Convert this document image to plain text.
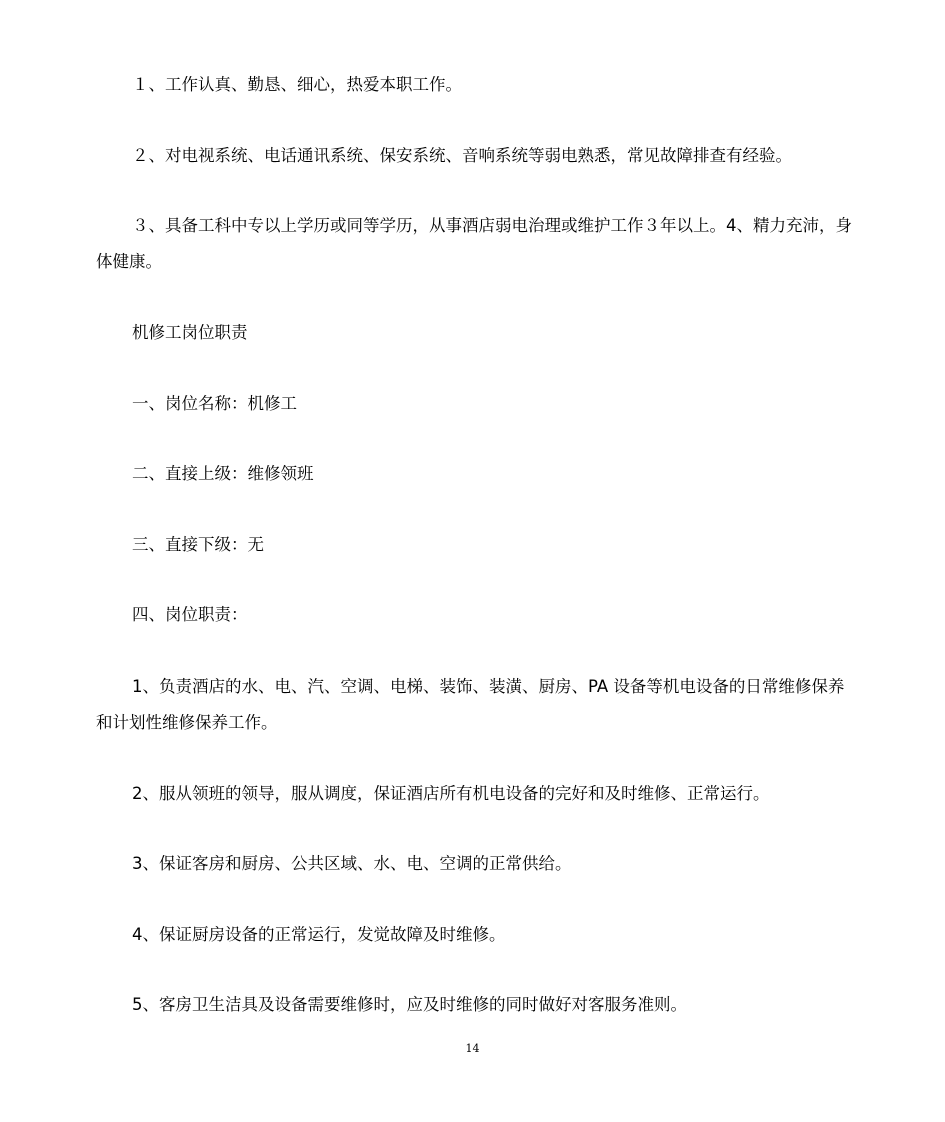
１、工作认真、勤恳、细心，热爱本职工作。

２、对电视系统、电话通讯系统、保安系统、音响系统等弱电熟悉，常见故障排查有经验。

３、具备工科中专以上学历或同等学历，从事酒店弱电治理或维护工作３年以上。4、精力充沛，身体健康。

机修工岗位职责

一、岗位名称：机修工

二、直接上级：维修领班

三、直接下级：无

四、岗位职责：

1、负责酒店的水、电、汽、空调、电梯、装饰、装潢、厨房、PA 设备等机电设备的日常维修保养和计划性维修保养工作。

2、服从领班的领导，服从调度，保证酒店所有机电设备的完好和及时维修、正常运行。

3、保证客房和厨房、公共区域、水、电、空调的正常供给。

4、保证厨房设备的正常运行，发觉故障及时维修。

5、客房卫生洁具及设备需要维修时，应及时维修的同时做好对客服务准则。

14
